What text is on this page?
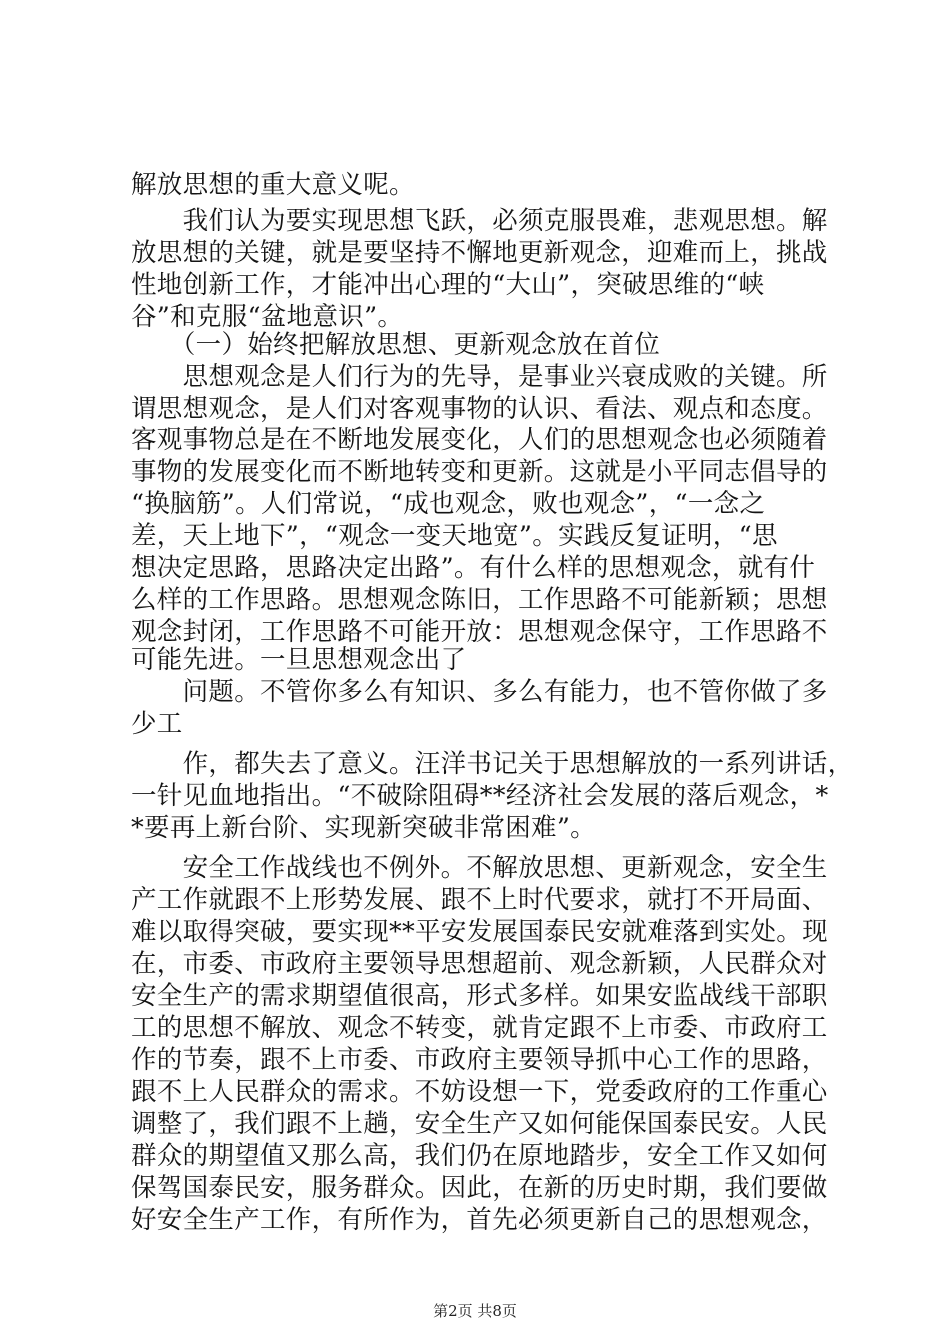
解放思想的重大意义呢。
　　我们认为要实现思想飞跃，必须克服畏难，悲观思想。解
放思想的关键，就是要坚持不懈地更新观念，迎难而上，挑战
性地创新工作，才能冲出心理的“大山”，突破思维的“峡
谷”和克服“盆地意识”。
　　（一）始终把解放思想、更新观念放在首位
　　思想观念是人们行为的先导，是事业兴衰成败的关键。所
谓思想观念，是人们对客观事物的认识、看法、观点和态度。
客观事物总是在不断地发展变化，人们的思想观念也必须随着
事物的发展变化而不断地转变和更新。这就是小平同志倡导的
“换脑筋”。人们常说，“成也观念，败也观念”，“一念之
差，天上地下”，“观念一变天地宽”。实践反复证明，“思
想决定思路，思路决定出路”。有什么样的思想观念，就有什
么样的工作思路。思想观念陈旧，工作思路不可能新颖；思想
观念封闭，工作思路不可能开放：思想观念保守，工作思路不
可能先进。一旦思想观念出了
　　问题。不管你多么有知识、多么有能力，也不管你做了多
少工
　　作，都失去了意义。汪洋书记关于思想解放的一系列讲话，
一针见血地指出。“不破除阻碍**经济社会发展的落后观念，*
*要再上新台阶、实现新突破非常困难”。
　　安全工作战线也不例外。不解放思想、更新观念，安全生
产工作就跟不上形势发展、跟不上时代要求，就打不开局面、
难以取得突破，要实现**平安发展国泰民安就难落到实处。现
在，市委、市政府主要领导思想超前、观念新颖，人民群众对
安全生产的需求期望值很高，形式多样。如果安监战线干部职
工的思想不解放、观念不转变，就肯定跟不上市委、市政府工
作的节奏，跟不上市委、市政府主要领导抓中心工作的思路，
跟不上人民群众的需求。不妨设想一下，党委政府的工作重心
调整了，我们跟不上趟，安全生产又如何能保国泰民安。人民
群众的期望值又那么高，我们仍在原地踏步，安全工作又如何
保驾国泰民安，服务群众。因此，在新的历史时期，我们要做
好安全生产工作，有所作为，首先必须更新自己的思想观念，
第2页 共8页
